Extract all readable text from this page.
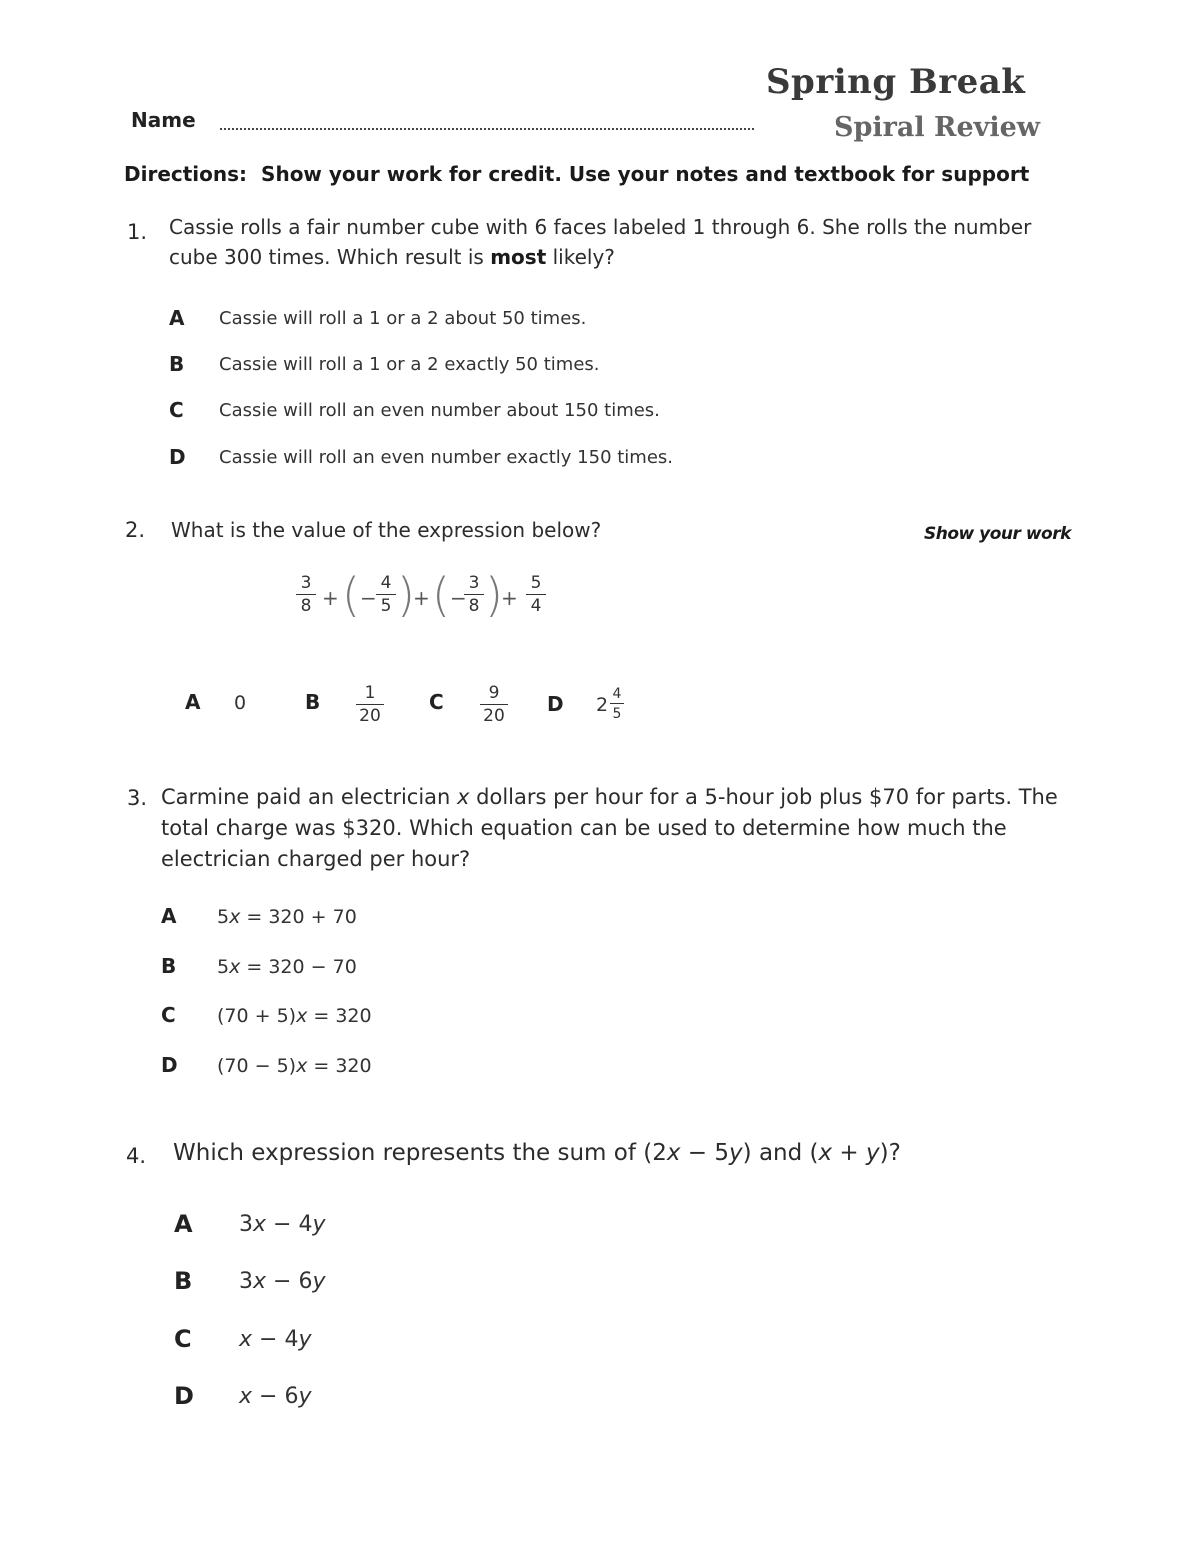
Spring Break
Spiral Review
Name
Directions: Show your work for credit. Use your notes and textbook for support
1. Cassie rolls a fair number cube with 6 faces labeled 1 through 6. She rolls the number
cube 300 times. Which result is most likely?
A Cassie will roll a 1 or a 2 about 50 times.
B Cassie will roll a 1 or a 2 exactly 50 times.
C Cassie will roll an even number about 150 times.
D Cassie will roll an even number exactly 150 times.
2. What is the value of the expression below?	Show your work
3
8 + ( −
4
5 )
+ ( −
3
8 )
+
5
4
A 0	B	1
20
C	9
20 D 2 4
5
3. Carmine paid an electrician x dollars per hour for a 5-hour job plus $70 for parts. The
total charge was $320. Which equation can be used to determine how much the
electrician charged per hour?
A 5x = 320 + 70
B 5x = 320 − 70
C (70 + 5)x = 320
D (70 − 5)x = 320
4. Which expression represents the sum of (2x − 5y) and (x + y)?
A 3x − 4y
B 3x − 6y
C x − 4y
D x − 6y
